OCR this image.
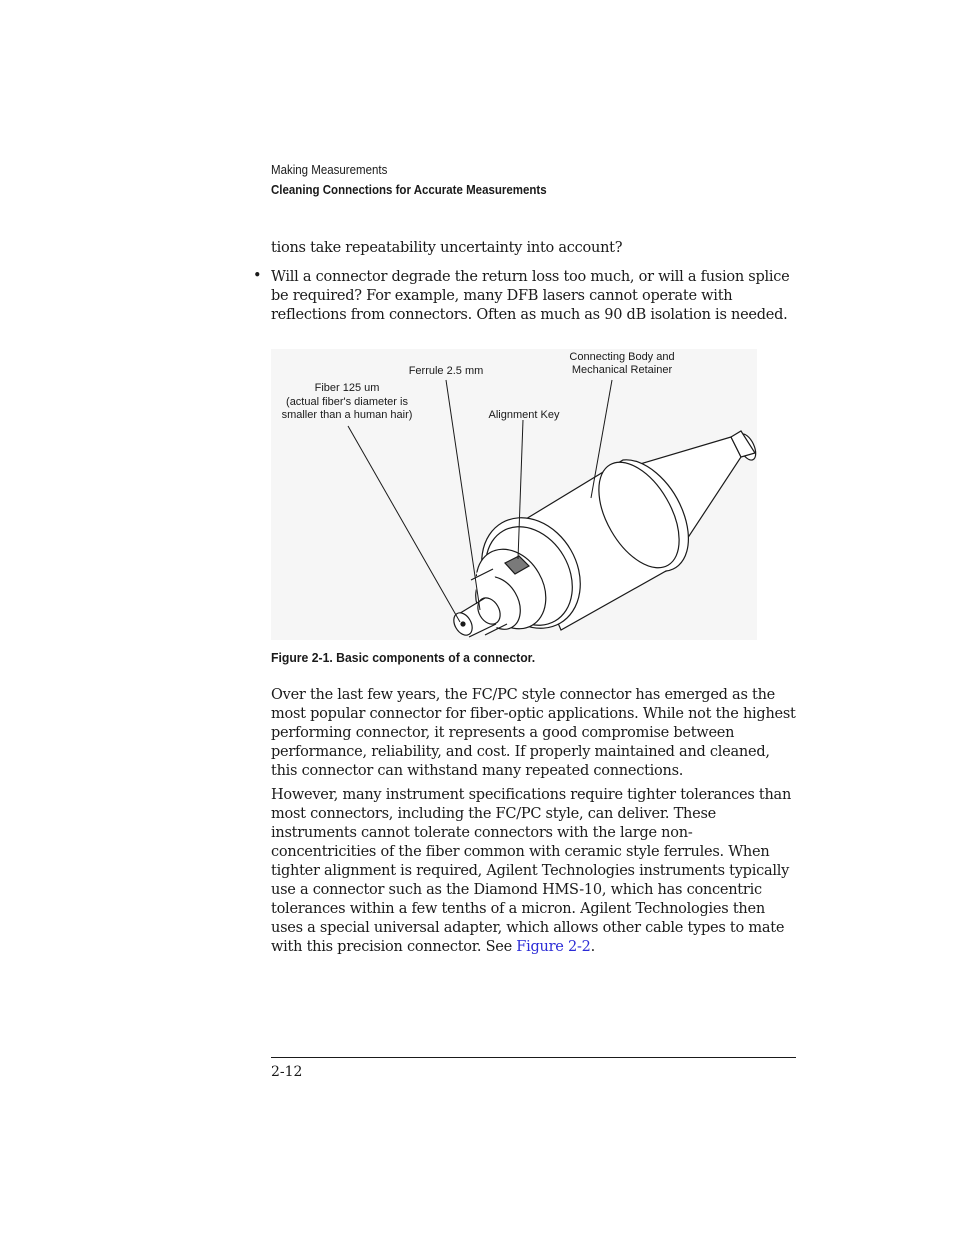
Making Measurements
Cleaning Connections for Accurate Measurements
tions take repeatability uncertainty into account?
• Will a connector degrade the return loss too much, or will a fusion splice be required? For example, many DFB lasers cannot operate with reflections from connectors. Often as much as 90 dB isolation is needed.
Connecting Body and
Mechanical Retainer
Ferrule 2.5 mm
Fiber 125 um
(actual fiber's diameter is
smaller than a human hair)	Alignment Key
Figure 2-1. Basic components of a connector.
Over the last few years, the FC/PC style connector has emerged as the most popular connector for fiber-optic applications. While not the highest performing connector, it represents a good compromise between performance, reliability, and cost. If properly maintained and cleaned, this connector can withstand many repeated connections.
However, many instrument specifications require tighter tolerances than most connectors, including the FC/PC style, can deliver. These instruments cannot tolerate connectors with the large non-concentricities of the fiber common with ceramic style ferrules. When tighter alignment is required, Agilent Technologies instruments typically use a connector such as the Diamond HMS-10, which has concentric tolerances within a few tenths of a micron. Agilent Technologies then uses a special universal adapter, which allows other cable types to mate with this precision connector. See Figure 2-2.
2-12
